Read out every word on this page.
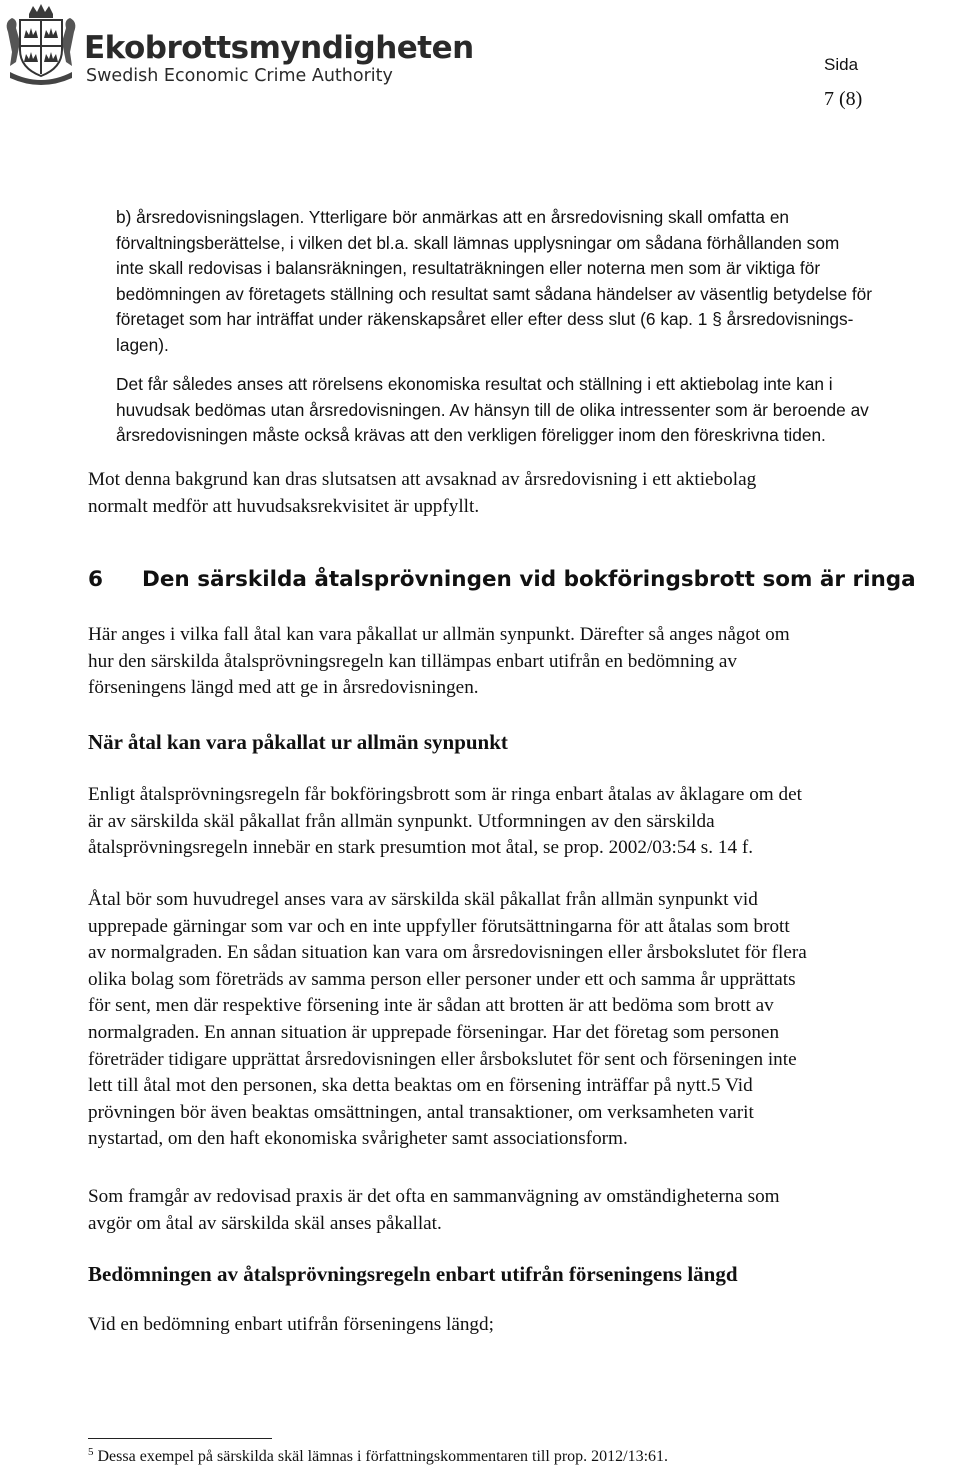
Ekobrottsmyndigheten
Swedish Economic Crime Authority
Sida
7 (8)

b) årsredovisningslagen. Ytterligare bör anmärkas att en årsredovisning skall omfatta en

förvaltningsberättelse, i vilken det bl.a. skall lämnas upplysningar om sådana förhållanden som

inte skall redovisas i balansräkningen, resultaträkningen eller noterna men som är viktiga för

bedömningen av företagets ställning och resultat samt sådana händelser av väsentlig betydelse för

företaget som har inträffat under räkenskapsåret eller efter dess slut (6 kap. 1 § årsredovisnings-

lagen).

Det får således anses att rörelsens ekonomiska resultat och ställning i ett aktiebolag inte kan i

huvudsak bedömas utan årsredovisningen. Av hänsyn till de olika intressenter som är beroende av

årsredovisningen måste också krävas att den verkligen föreligger inom den föreskrivna tiden.

Mot denna bakgrund kan dras slutsatsen att avsaknad av årsredovisning i ett aktiebolag

normalt medför att huvudsaksrekvisitet är uppfyllt.

6 Den särskilda åtalsprövningen vid bokföringsbrott som är ringa

Här anges i vilka fall åtal kan vara påkallat ur allmän synpunkt. Därefter så anges något om

hur den särskilda åtalsprövningsregeln kan tillämpas enbart utifrån en bedömning av

förseningens längd med att ge in årsredovisningen.

När åtal kan vara påkallat ur allmän synpunkt

Enligt åtalsprövningsregeln får bokföringsbrott som är ringa enbart åtalas av åklagare om det

är av särskilda skäl påkallat från allmän synpunkt. Utformningen av den särskilda

åtalsprövningsregeln innebär en stark presumtion mot åtal, se prop. 2002/03:54 s. 14 f.

Åtal bör som huvudregel anses vara av särskilda skäl påkallat från allmän synpunkt vid

upprepade gärningar som var och en inte uppfyller förutsättningarna för att åtalas som brott

av normalgraden. En sådan situation kan vara om årsredovisningen eller årsbokslutet för flera

olika bolag som företräds av samma person eller personer under ett och samma år upprättats

för sent, men där respektive försening inte är sådan att brotten är att bedöma som brott av

normalgraden. En annan situation är upprepade förseningar. Har det företag som personen

företräder tidigare upprättat årsredovisningen eller årsbokslutet för sent och förseningen inte

lett till åtal mot den personen, ska detta beaktas om en försening inträffar på nytt.5 Vid

prövningen bör även beaktas omsättningen, antal transaktioner, om verksamheten varit

nystartad, om den haft ekonomiska svårigheter samt associationsform.

Som framgår av redovisad praxis är det ofta en sammanvägning av omständigheterna som

avgör om åtal av särskilda skäl anses påkallat.

Bedömningen av åtalsprövningsregeln enbart utifrån förseningens längd

Vid en bedömning enbart utifrån förseningens längd;

$^5$ Dessa exempel på särskilda skäl lämnas i författningskommentaren till prop. 2012/13:61.
